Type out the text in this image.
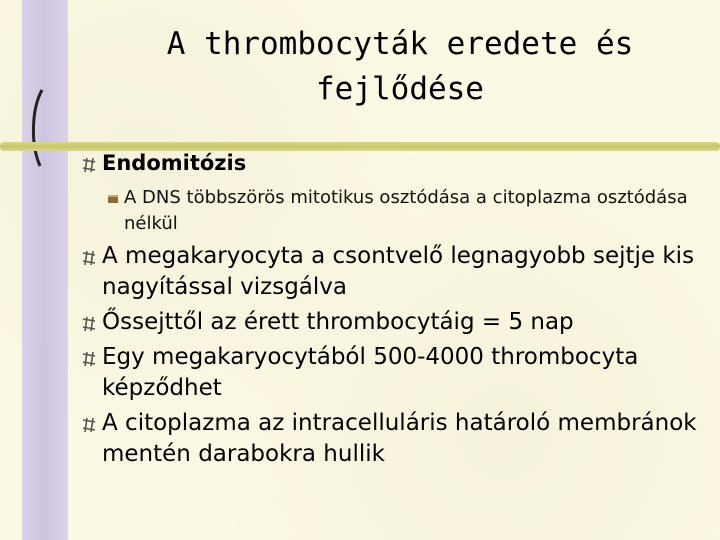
A thrombocyták eredete és fejlődése
Endomitózis
A DNS többszörös mitotikus osztódása a citoplazma osztódása nélkül
A megakaryocyta a csontvelő legnagyobb sejtje kis nagyítással vizsgálva
Őssejttől az érett thrombocytáig = 5 nap
Egy megakaryocytából 500-4000 thrombocyta képződhet
A citoplazma az intracelluláris határoló membránok mentén darabokra hullik
